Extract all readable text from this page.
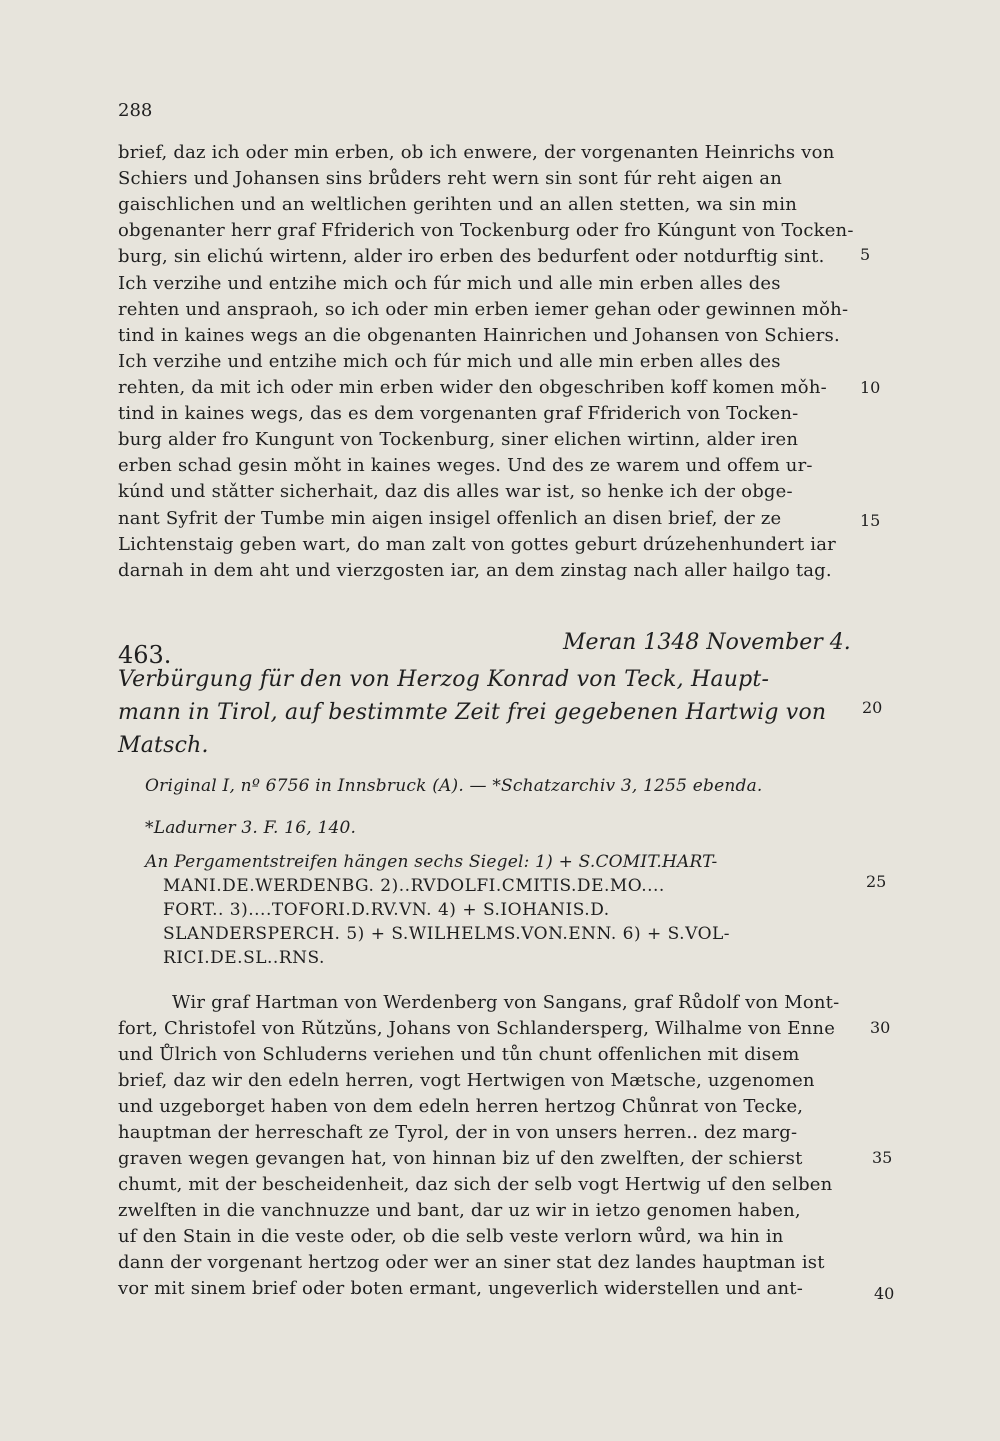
288
brief, daz ich oder min erben, ob ich enwere, der vorgenanten Heinrichs von
Schiers und Johansen sins brůders reht wern sin sont fúr reht aigen an
gaischlichen und an weltlichen gerihten und an allen stetten, wa sin min
obgenanter herr graf Ffriderich von Tockenburg oder fro Kúngunt von Tocken-
burg, sin elichú wirtenn, alder iro erben des bedurfent oder notdurftig sint.
Ich verzihe und entzihe mich och fúr mich und alle min erben alles des
rehten und anspraoh, so ich oder min erben iemer gehan oder gewinnen mǒh-
tind in kaines wegs an die obgenanten Hainrichen und Johansen von Schiers.
Ich verzihe und entzihe mich och fúr mich und alle min erben alles des
rehten, da mit ich oder min erben wider den obgeschriben koff komen mǒh-
tind in kaines wegs, das es dem vorgenanten graf Ffriderich von Tocken-
burg alder fro Kungunt von Tockenburg, siner elichen wirtinn, alder iren
erben schad gesin mǒht in kaines weges. Und des ze warem und offem ur-
kúnd und stǎtter sicherhait, daz dis alles war ist, so henke ich der obge-
nant Syfrit der Tumbe min aigen insigel offenlich an disen brief, der ze
Lichtenstaig geben wart, do man zalt von gottes geburt drúzehenhundert iar
darnah in dem aht und vierzgosten iar, an dem zinstag nach aller hailgo tag.
5
10
15
20
25
30
35
40
463.	Meran 1348 November 4.
Verbürgung für den von Herzog Konrad von Teck, Haupt-
mann in Tirol, auf bestimmte Zeit frei gegebenen Hartwig von
Matsch.
Original I, nº 6756 in Innsbruck (A). — *Schatzarchiv 3, 1255 ebenda.
*Ladurner 3. F. 16, 140.
An Pergamentstreifen hängen sechs Siegel: 1) + S.COMIT.HART-
MANI.DE.WERDENBG. 2)..RVDOLFI.CMITIS.DE.MO....
FORT.. 3)....TOFORI.D.RV.VN. 4) + S.IOHANIS.D.
SLANDERSPERCH. 5) + S.WILHELMS.VON.ENN. 6) + S.VOL-
RICI.DE.SL..RNS.
Wir graf Hartman von Werdenberg von Sangans, graf Růdolf von Mont-
fort, Christofel von Rǔtzǔns, Johans von Schlandersperg, Wilhalme von Enne
und Ůlrich von Schluderns veriehen und tůn chunt offenlichen mit disem
brief, daz wir den edeln herren, vogt Hertwigen von Mætsche, uzgenomen
und uzgeborget haben von dem edeln herren hertzog Chůnrat von Tecke,
hauptman der herreschaft ze Tyrol, der in von unsers herren.. dez marg-
graven wegen gevangen hat, von hinnan biz uf den zwelften, der schierst
chumt, mit der bescheidenheit, daz sich der selb vogt Hertwig uf den selben
zwelften in die vanchnuzze und bant, dar uz wir in ietzo genomen haben,
uf den Stain in die veste oder, ob die selb veste verlorn wůrd, wa hin in
dann der vorgenant hertzog oder wer an siner stat dez landes hauptman ist
vor mit sinem brief oder boten ermant, ungeverlich widerstellen und ant-
